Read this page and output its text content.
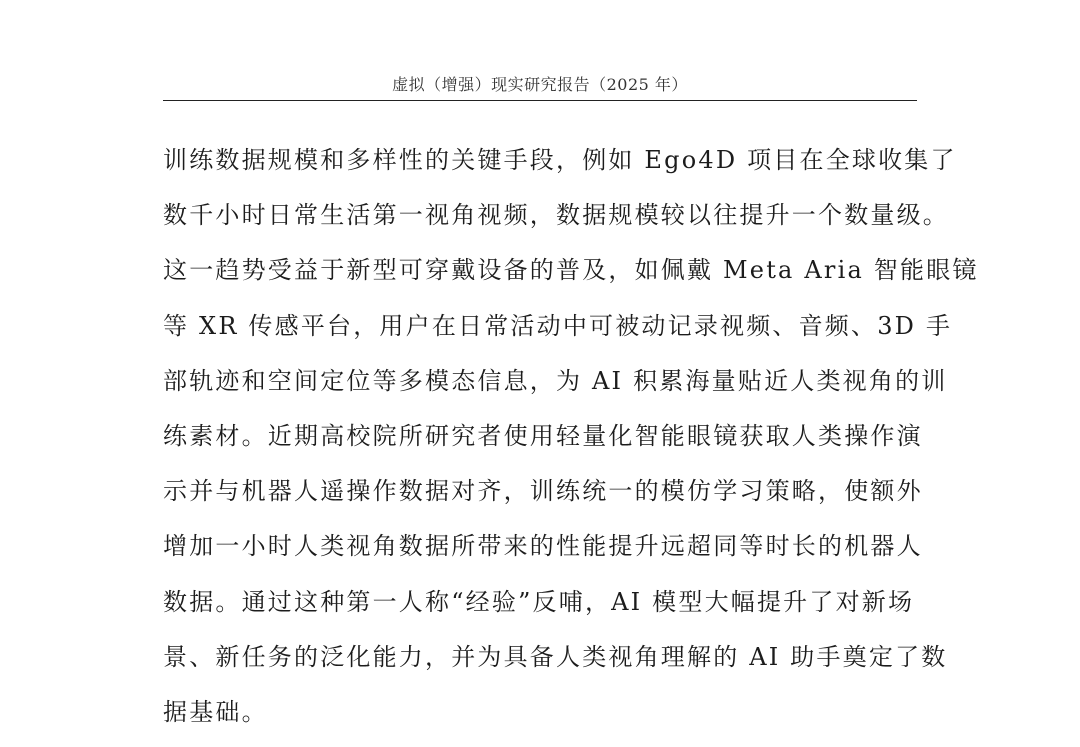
虚拟（增强）现实研究报告（2025 年）
训练数据规模和多样性的关键手段，例如 Ego4D 项目在全球收集了
数千小时日常生活第一视角视频，数据规模较以往提升一个数量级。
这一趋势受益于新型可穿戴设备的普及，如佩戴 Meta Aria 智能眼镜
等 XR 传感平台，用户在日常活动中可被动记录视频、音频、3D 手
部轨迹和空间定位等多模态信息，为 AI 积累海量贴近人类视角的训
练素材。近期高校院所研究者使用轻量化智能眼镜获取人类操作演
示并与机器人遥操作数据对齐，训练统一的模仿学习策略，使额外
增加一小时人类视角数据所带来的性能提升远超同等时长的机器人
数据。通过这种第一人称“经验”反哺，AI 模型大幅提升了对新场
景、新任务的泛化能力，并为具备人类视角理解的 AI 助手奠定了数
据基础。
